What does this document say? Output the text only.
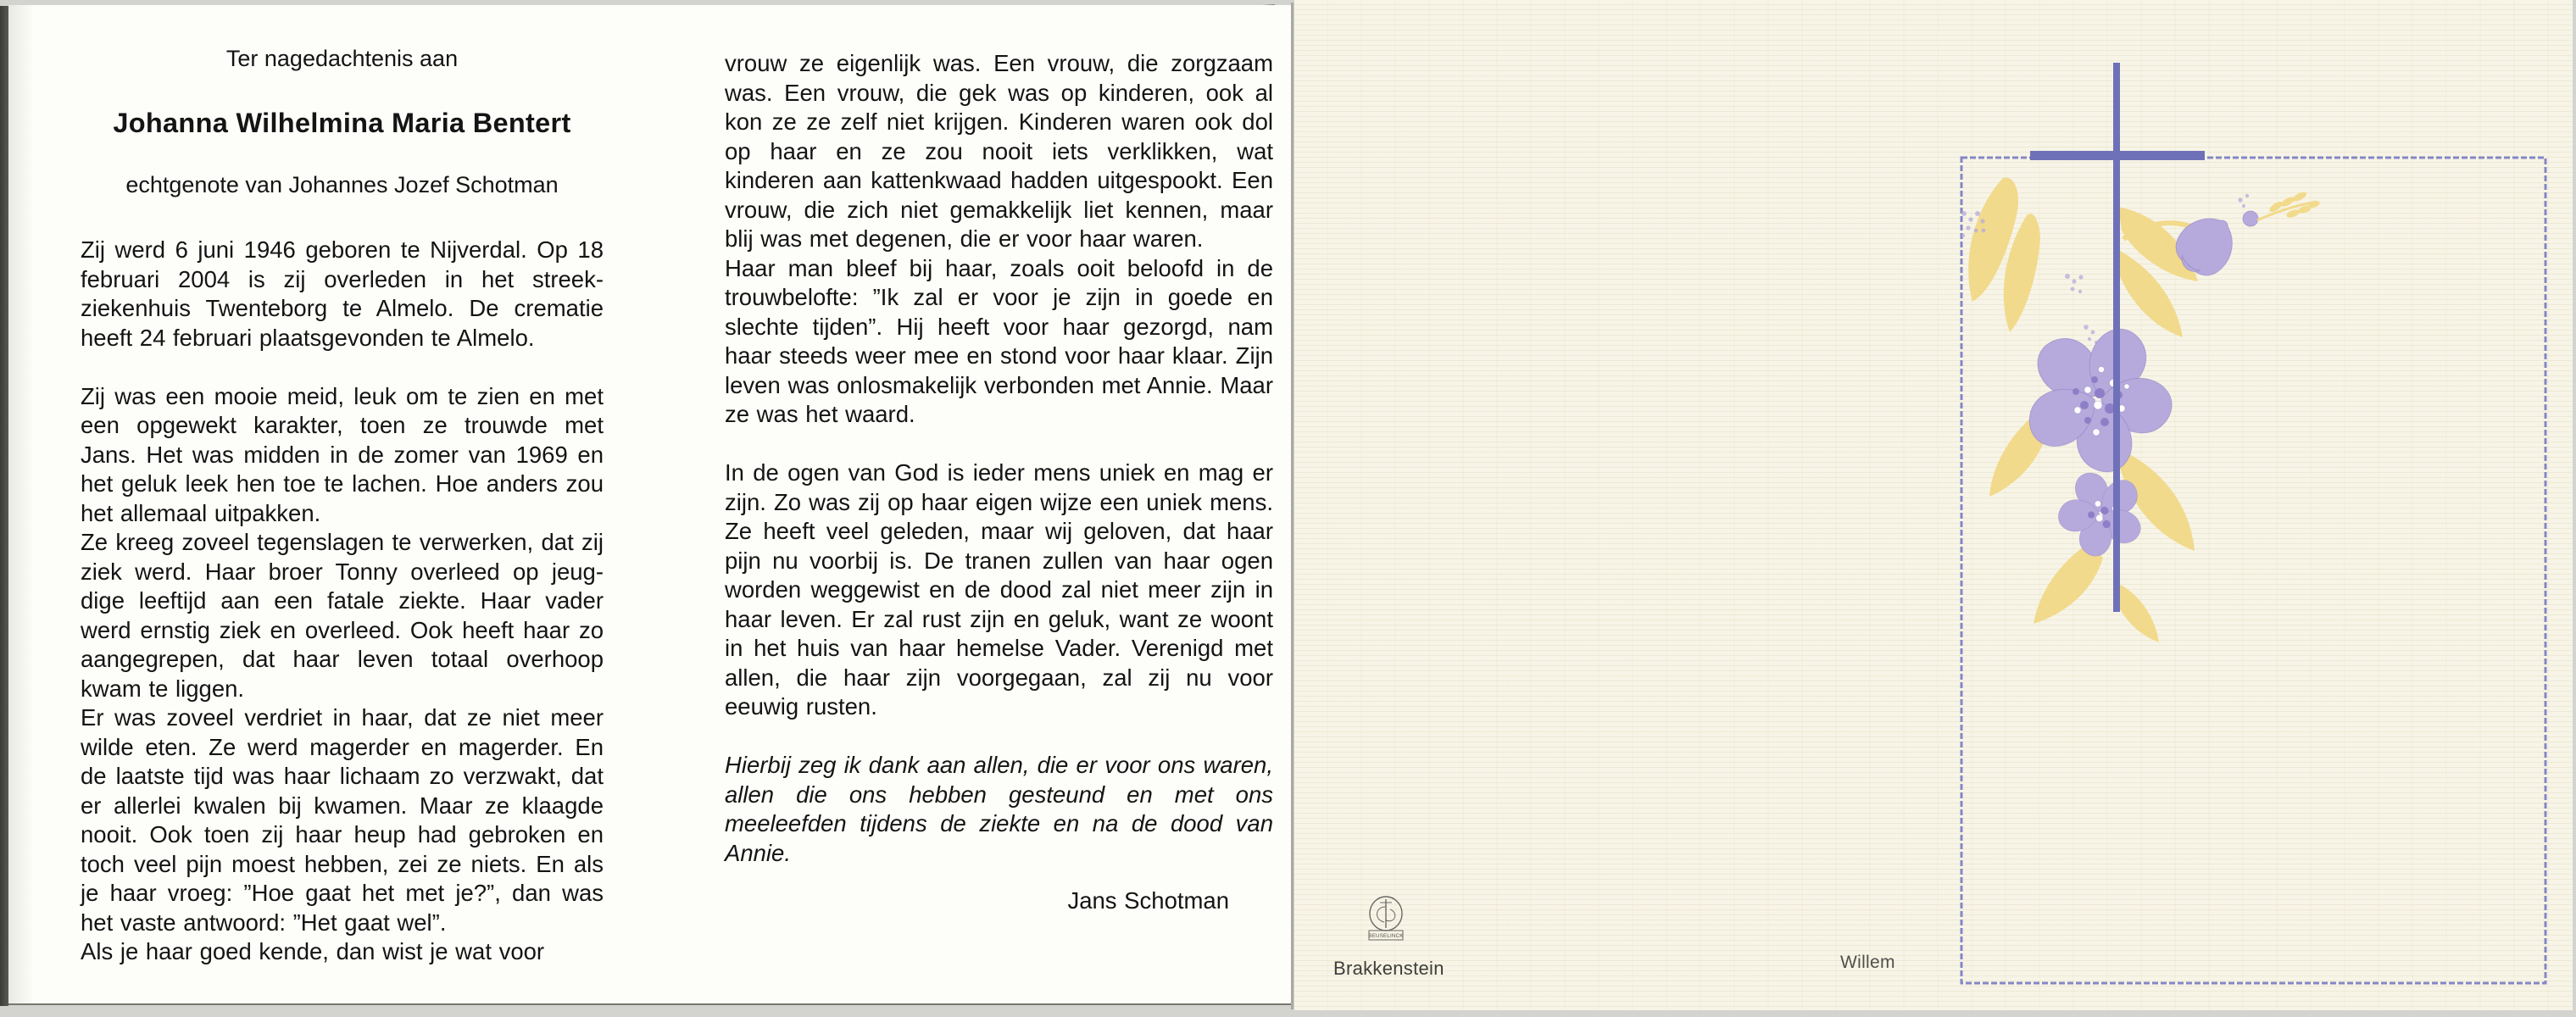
Ter nagedachtenis aan

Johanna Wilhelmina Maria Bentert

echtgenote van Johannes Jozef Schotman

Zij werd 6 juni 1946 geboren te Nijverdal. Op 18 februari 2004 is zij overleden in het streek-ziekenhuis Twenteborg te Almelo. De crematie heeft 24 februari plaatsgevonden te Almelo.

Zij was een mooie meid, leuk om te zien en met een opgewekt karakter, toen ze trouwde met Jans. Het was midden in de zomer van 1969 en het geluk leek hen toe te lachen. Hoe anders zou het allemaal uitpakken.

Ze kreeg zoveel tegenslagen te verwerken, dat zij ziek werd. Haar broer Tonny overleed op jeug-dige leeftijd aan een fatale ziekte. Haar vader werd ernstig ziek en overleed. Ook heeft haar zo aangegrepen, dat haar leven totaal overhoop kwam te liggen.

Er was zoveel verdriet in haar, dat ze niet meer wilde eten. Ze werd magerder en magerder. En de laatste tijd was haar lichaam zo verzwakt, dat er allerlei kwalen bij kwamen. Maar ze klaagde nooit. Ook toen zij haar heup had gebroken en toch veel pijn moest hebben, zei ze niets. En als je haar vroeg: ”Hoe gaat het met je?”, dan was het vaste antwoord: ”Het gaat wel”.

Als je haar goed kende, dan wist je wat voor

vrouw ze eigenlijk was. Een vrouw, die zorgzaam was. Een vrouw, die gek was op kinderen, ook al kon ze ze zelf niet krijgen. Kinderen waren ook dol op haar en ze zou nooit iets verklikken, wat kinderen aan kattenkwaad hadden uitgespookt. Een vrouw, die zich niet gemakkelijk liet kennen, maar blij was met degenen, die er voor haar waren.

Haar man bleef bij haar, zoals ooit beloofd in de trouwbelofte: ”Ik zal er voor je zijn in goede en slechte tijden”. Hij heeft voor haar gezorgd, nam haar steeds weer mee en stond voor haar klaar. Zijn leven was onlosmakelijk verbonden met Annie. Maar ze was het waard.

In de ogen van God is ieder mens uniek en mag er zijn. Zo was zij op haar eigen wijze een uniek mens. Ze heeft veel geleden, maar wij geloven, dat haar pijn nu voorbij is. De tranen zullen van haar ogen worden weggewist en de dood zal niet meer zijn in haar leven. Er zal rust zijn en geluk, want ze woont in het huis van haar hemelse Vader. Verenigd met allen, die haar zijn voorgegaan, zal zij nu voor eeuwig rusten.

Hierbij zeg ik dank aan allen, die er voor ons waren, allen die ons hebben gesteund en met ons meeleefden tijdens de ziekte en na de dood van Annie.

Jans Schotman

BEUSELINCK
Brakkenstein	Willem
